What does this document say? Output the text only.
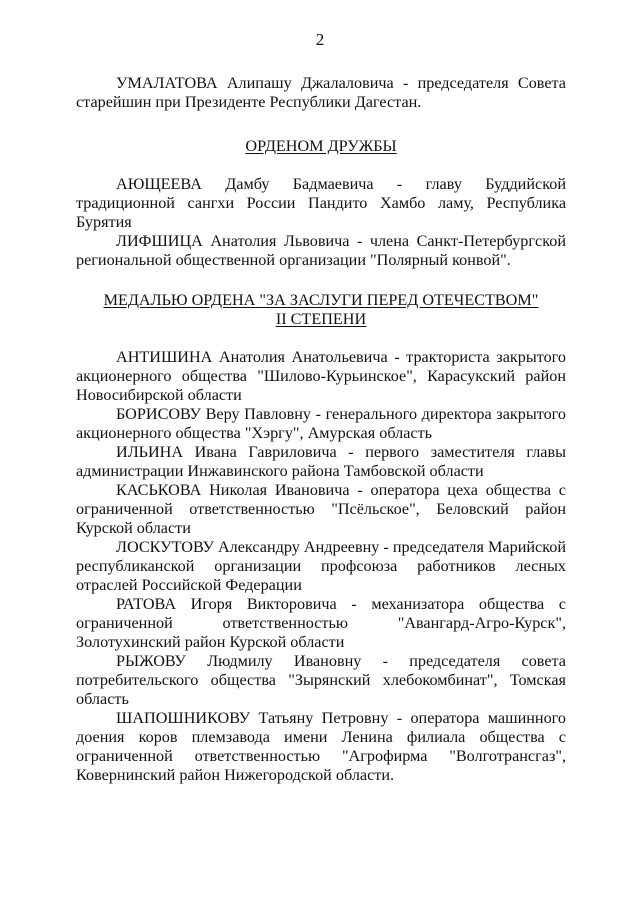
2

УМАЛАТОВА Алипашу Джалаловича - председателя Совета старейшин при Президенте Республики Дагестан.

ОРДЕНОМ ДРУЖБЫ

АЮЩЕЕВА Дамбу Бадмаевича - главу Буддийской традиционной сангхи России Пандито Хамбо ламу, Республика Бурятия

ЛИФШИЦА Анатолия Львовича - члена Санкт-Петербургской региональной общественной организации "Полярный конвой".

МЕДАЛЬЮ ОРДЕНА "ЗА ЗАСЛУГИ ПЕРЕД ОТЕЧЕСТВОМ"
II СТЕПЕНИ

АНТИШИНА Анатолия Анатольевича - тракториста закрытого акционерного общества "Шилово-Курьинское", Карасукский район Новосибирской области

БОРИСОВУ Веру Павловну - генерального директора закрытого акционерного общества "Хэргу", Амурская область

ИЛЬИНА Ивана Гавриловича - первого заместителя главы администрации Инжавинского района Тамбовской области

КАСЬКОВА Николая Ивановича - оператора цеха общества с ограниченной ответственностью "Псёльское", Беловский район Курской области

ЛОСКУТОВУ Александру Андреевну - председателя Марийской республиканской организации профсоюза работников лесных отраслей Российской Федерации

РАТОВА Игоря Викторовича - механизатора общества с ограниченной ответственностью "Авангард-Агро-Курск", Золотухинский район Курской области

РЫЖОВУ Людмилу Ивановну - председателя совета потребительского общества "Зырянский хлебокомбинат", Томская область

ШАПОШНИКОВУ Татьяну Петровну - оператора машинного доения коров племзавода имени Ленина филиала общества с ограниченной ответственностью "Агрофирма "Волготрансгаз", Ковернинский район Нижегородской области.
